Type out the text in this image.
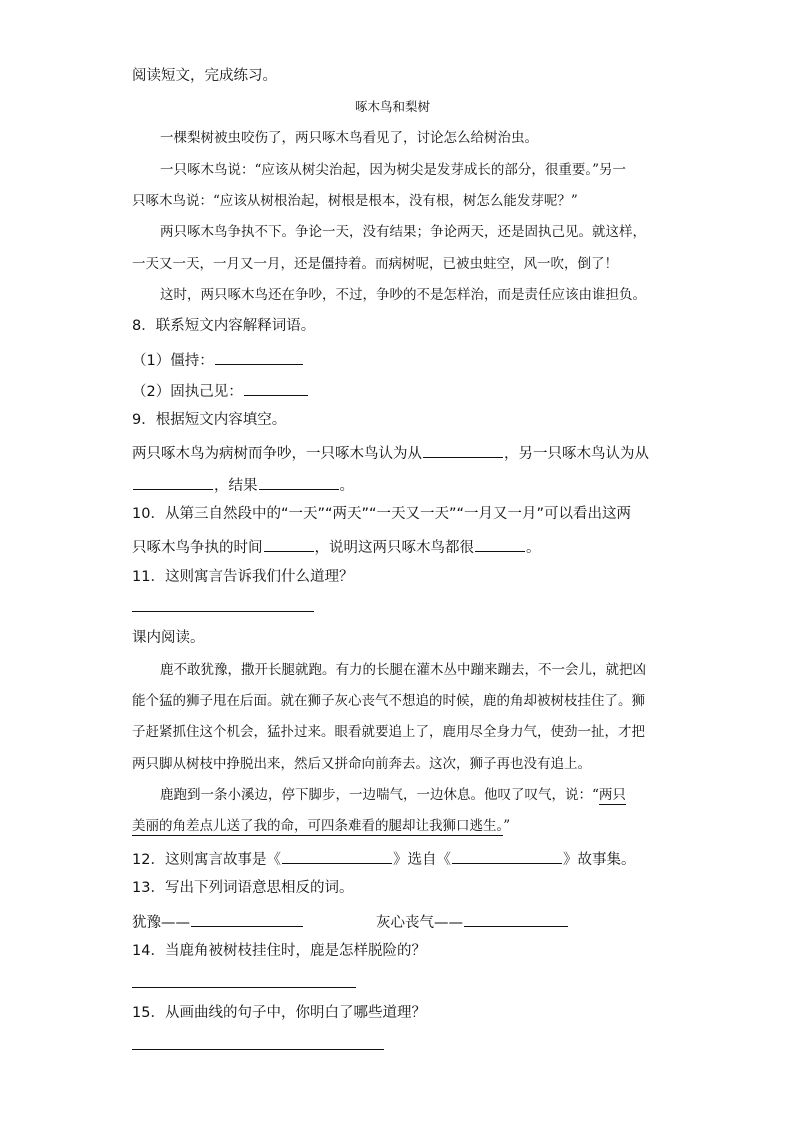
阅读短文，完成练习。
啄木鸟和梨树
一棵梨树被虫咬伤了，两只啄木鸟看见了，讨论怎么给树治虫。
一只啄木鸟说：“应该从树尖治起，因为树尖是发芽成长的部分，很重要。”另一
只啄木鸟说：“应该从树根治起，树根是根本，没有根，树怎么能发芽呢？”
两只啄木鸟争执不下。争论一天，没有结果；争论两天，还是固执己见。就这样，
一天又一天，一月又一月，还是僵持着。而病树呢，已被虫蛀空，风一吹，倒了！
这时，两只啄木鸟还在争吵，不过，争吵的不是怎样治，而是责任应该由谁担负。
8．联系短文内容解释词语。
（1）僵持：
（2）固执己见：
9．根据短文内容填空。
两只啄木鸟为病树而争吵，一只啄木鸟认为从	，另一只啄木鸟认为从
，结果	。
10．从第三自然段中的“一天”“两天”“一天又一天”“一月又一月”可以看出这两
只啄木鸟争执的时间	，说明这两只啄木鸟都很	。
11．这则寓言告诉我们什么道理？
课内阅读。
鹿不敢犹豫，撒开长腿就跑。有力的长腿在灌木丛中蹦来蹦去，不一会儿，就把凶
能个猛的狮子甩在后面。就在狮子灰心丧气不想追的时候，鹿的角却被树枝挂住了。狮
子赶紧抓住这个机会，猛扑过来。眼看就要追上了，鹿用尽全身力气，使劲一扯，才把
两只脚从树枝中挣脱出来，然后又拼命向前奔去。这次，狮子再也没有追上。
鹿跑到一条小溪边，停下脚步，一边喘气，一边休息。他叹了叹气，说：“两只
美丽的角差点儿送了我的命，可四条难看的腿却让我狮口逃生。”
12．这则寓言故事是《	》选自《	》故事集。
13．写出下列词语意思相反的词。
犹豫——	灰心丧气——
14．当鹿角被树枝挂住时，鹿是怎样脱险的？
15．从画曲线的句子中，你明白了哪些道理？
